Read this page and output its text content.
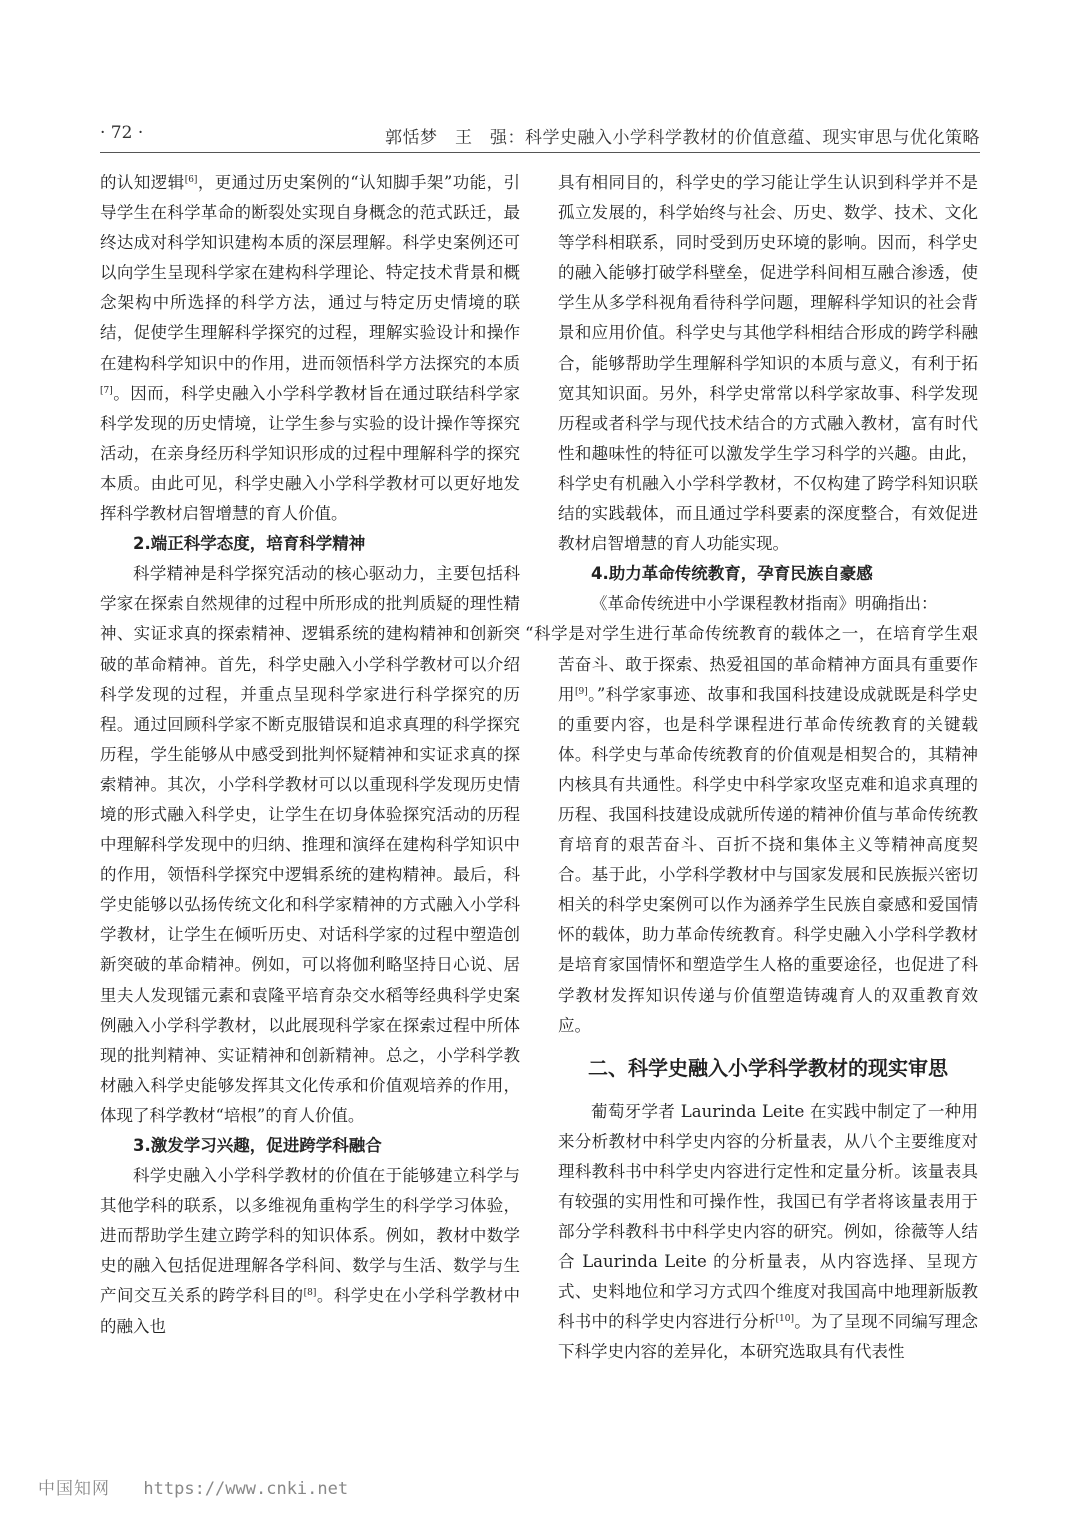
· 72 ·	郭恬梦　王　强：科学史融入小学科学教材的价值意蕴、现实审思与优化策略

的认知逻辑[6]，更通过历史案例的“认知脚手架”功能，引导学生在科学革命的断裂处实现自身概念的范式跃迁，最终达成对科学知识建构本质的深层理解。科学史案例还可以向学生呈现科学家在建构科学理论、特定技术背景和概念架构中所选择的科学方法，通过与特定历史情境的联结，促使学生理解科学探究的过程，理解实验设计和操作在建构科学知识中的作用，进而领悟科学方法探究的本质[7]。因而，科学史融入小学科学教材旨在通过联结科学家科学发现的历史情境，让学生参与实验的设计操作等探究活动，在亲身经历科学知识形成的过程中理解科学的探究本质。由此可见，科学史融入小学科学教材可以更好地发挥科学教材启智增慧的育人价值。

2.端正科学态度，培育科学精神

科学精神是科学探究活动的核心驱动力，主要包括科学家在探索自然规律的过程中所形成的批判质疑的理性精神、实证求真的探索精神、逻辑系统的建构精神和创新突破的革命精神。首先，科学史融入小学科学教材可以介绍科学发现的过程，并重点呈现科学家进行科学探究的历程。通过回顾科学家不断克服错误和追求真理的科学探究历程，学生能够从中感受到批判怀疑精神和实证求真的探索精神。其次，小学科学教材可以以重现科学发现历史情境的形式融入科学史，让学生在切身体验探究活动的历程中理解科学发现中的归纳、推理和演绎在建构科学知识中的作用，领悟科学探究中逻辑系统的建构精神。最后，科学史能够以弘扬传统文化和科学家精神的方式融入小学科学教材，让学生在倾听历史、对话科学家的过程中塑造创新突破的革命精神。例如，可以将伽利略坚持日心说、居里夫人发现镭元素和袁隆平培育杂交水稻等经典科学史案例融入小学科学教材，以此展现科学家在探索过程中所体现的批判精神、实证精神和创新精神。总之，小学科学教材融入科学史能够发挥其文化传承和价值观培养的作用，体现了科学教材“培根”的育人价值。

3.激发学习兴趣，促进跨学科融合

科学史融入小学科学教材的价值在于能够建立科学与其他学科的联系，以多维视角重构学生的科学学习体验，进而帮助学生建立跨学科的知识体系。例如，教材中数学史的融入包括促进理解各学科间、数学与生活、数学与生产间交互关系的跨学科目的[8]。科学史在小学科学教材中的融入也

具有相同目的，科学史的学习能让学生认识到科学并不是孤立发展的，科学始终与社会、历史、数学、技术、文化等学科相联系，同时受到历史环境的影响。因而，科学史的融入能够打破学科壁垒，促进学科间相互融合渗透，使学生从多学科视角看待科学问题，理解科学知识的社会背景和应用价值。科学史与其他学科相结合形成的跨学科融合，能够帮助学生理解科学知识的本质与意义，有利于拓宽其知识面。另外，科学史常常以科学家故事、科学发现历程或者科学与现代技术结合的方式融入教材，富有时代性和趣味性的特征可以激发学生学习科学的兴趣。由此，科学史有机融入小学科学教材，不仅构建了跨学科知识联结的实践载体，而且通过学科要素的深度整合，有效促进教材启智增慧的育人功能实现。

4.助力革命传统教育，孕育民族自豪感

《革命传统进中小学课程教材指南》明确指出：
“科学是对学生进行革命传统教育的载体之一，在培育学生艰苦奋斗、敢于探索、热爱祖国的革命精神方面具有重要作用[9]。”科学家事迹、故事和我国科技建设成就既是科学史的重要内容，也是科学课程进行革命传统教育的关键载体。科学史与革命传统教育的价值观是相契合的，其精神内核具有共通性。科学史中科学家攻坚克难和追求真理的历程、我国科技建设成就所传递的精神价值与革命传统教育培育的艰苦奋斗、百折不挠和集体主义等精神高度契合。基于此，小学科学教材中与国家发展和民族振兴密切相关的科学史案例可以作为涵养学生民族自豪感和爱国情怀的载体，助力革命传统教育。科学史融入小学科学教材是培育家国情怀和塑造学生人格的重要途径，也促进了科学教材发挥知识传递与价值塑造铸魂育人的双重教育效应。

二、科学史融入小学科学教材的现实审思

葡萄牙学者 Laurinda Leite 在实践中制定了一种用来分析教材中科学史内容的分析量表，从八个主要维度对理科教科书中科学史内容进行定性和定量分析。该量表具有较强的实用性和可操作性，我国已有学者将该量表用于部分学科教科书中科学史内容的研究。例如，徐薇等人结合 Laurinda Leite 的分析量表，从内容选择、呈现方式、史料地位和学习方式四个维度对我国高中地理新版教科书中的科学史内容进行分析[10]。为了呈现不同编写理念下科学史内容的差异化，本研究选取具有代表性

中国知网 https://www.cnki.net
